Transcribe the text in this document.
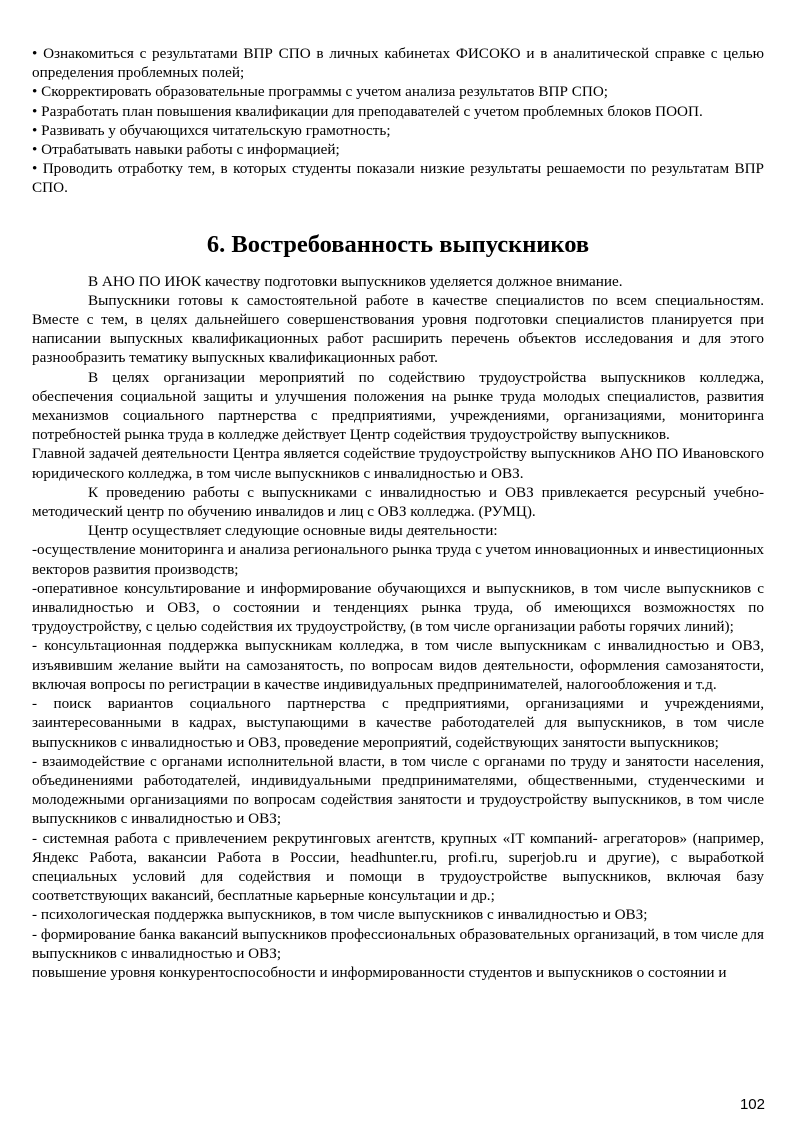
• Ознакомиться с результатами ВПР СПО в личных кабинетах ФИСОКО и в аналитической справке с целью определения проблемных полей;

• Скорректировать образовательные программы с учетом анализа результатов ВПР СПО;

• Разработать план повышения квалификации для преподавателей с учетом проблемных блоков ПООП.

• Развивать у обучающихся читательскую грамотность;

• Отрабатывать навыки работы с информацией;

• Проводить отработку тем, в которых студенты показали низкие результаты решаемости по результатам ВПР СПО.

6. Востребованность выпускников

В АНО ПО ИЮК качеству подготовки выпускников уделяется должное внимание.

Выпускники готовы к самостоятельной работе в качестве специалистов по всем специальностям. Вместе с тем, в целях дальнейшего совершенствования уровня подготовки специалистов планируется при написании выпускных квалификационных работ расширить перечень объектов исследования и для этого разнообразить тематику выпускных квалификационных работ.

В целях организации мероприятий по содействию трудоустройства выпускников колледжа, обеспечения социальной защиты и улучшения положения на рынке труда молодых специалистов, развития механизмов социального партнерства с предприятиями, учреждениями, организациями, мониторинга потребностей рынка труда в колледже действует Центр содействия трудоустройству выпускников.

Главной задачей деятельности Центра является содействие трудоустройству выпускников АНО ПО Ивановского юридического колледжа, в том числе выпускников с инвалидностью и ОВЗ.

К проведению работы с выпускниками с инвалидностью и ОВЗ привлекается ресурсный учебно-методический центр по обучению инвалидов и лиц с ОВЗ колледжа. (РУМЦ).

Центр осуществляет следующие основные виды деятельности:

-осуществление мониторинга и анализа регионального рынка труда с учетом инновационных и инвестиционных векторов развития производств;

-оперативное консультирование и информирование обучающихся и выпускников, в том числе выпускников с инвалидностью и ОВЗ, о состоянии и тенденциях рынка труда, об имеющихся возможностях по трудоустройству, с целью содействия их трудоустройству, (в том числе организации работы горячих линий);

- консультационная поддержка выпускникам колледжа, в том числе выпускникам с инвалидностью и ОВЗ, изъявившим желание выйти на самозанятость, по вопросам видов деятельности, оформления самозанятости, включая вопросы по регистрации в качестве индивидуальных предпринимателей, налогообложения и т.д.

- поиск вариантов социального партнерства с предприятиями, организациями и учреждениями, заинтересованными в кадрах, выступающими в качестве работодателей для выпускников, в том числе выпускников с инвалидностью и ОВЗ, проведение мероприятий, содействующих занятости выпускников;

- взаимодействие с органами исполнительной власти, в том числе с органами по труду и занятости населения, объединениями работодателей, индивидуальными предпринимателями, общественными, студенческими и молодежными организациями по вопросам содействия занятости и трудоустройству выпускников, в том числе выпускников с инвалидностью и ОВЗ;

- системная работа с привлечением рекрутинговых агентств, крупных «IT компаний- агрегаторов» (например, Яндекс Работа, вакансии Работа в России, headhunter.ru, profi.ru, superjob.ru и другие), с выработкой специальных условий для содействия и помощи в трудоустройстве выпускников, включая базу соответствующих вакансий, бесплатные карьерные консультации и др.;

- психологическая поддержка выпускников, в том числе выпускников с инвалидностью и ОВЗ;

- формирование банка вакансий выпускников профессиональных образовательных организаций, в том числе для выпускников с инвалидностью и ОВЗ;

повышение уровня конкурентоспособности и информированности студентов и выпускников о состоянии и

102
